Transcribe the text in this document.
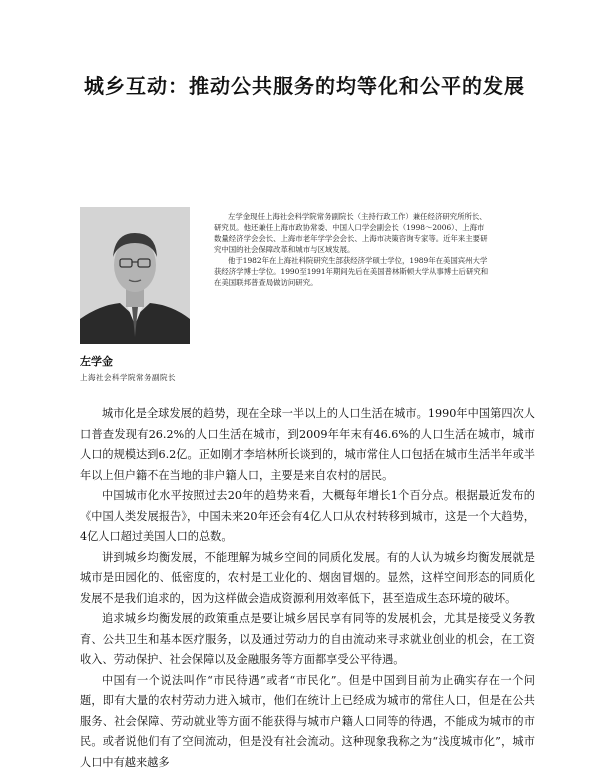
城乡互动：推动公共服务的均等化和公平的发展

左学金现任上海社会科学院常务副院长（主持行政工作）兼任经济研究所所长、研究员。他还兼任上海市政协常委、中国人口学会副会长（1998～2006）、上海市数量经济学会会长、上海市老年学学会会长、上海市决策咨询专家等。近年来主要研究中国的社会保障改革和城市与区域发展。

他于1982年在上海社科院研究生部获经济学硕士学位，1989年在美国宾州大学获经济学博士学位。1990至1991年期间先后在美国普林斯顿大学从事博士后研究和在美国联邦普查局做访问研究。

左学金
上海社会科学院常务副院长

城市化是全球发展的趋势，现在全球一半以上的人口生活在城市。1990年中国第四次人口普查发现有26.2%的人口生活在城市，到2009年年末有46.6%的人口生活在城市，城市人口的规模达到6.2亿。正如刚才李培林所长谈到的，城市常住人口包括在城市生活半年或半年以上但户籍不在当地的非户籍人口，主要是来自农村的居民。

中国城市化水平按照过去20年的趋势来看，大概每年增长1个百分点。根据最近发布的《中国人类发展报告》，中国未来20年还会有4亿人口从农村转移到城市，这是一个大趋势，4亿人口超过美国人口的总数。

讲到城乡均衡发展，不能理解为城乡空间的同质化发展。有的人认为城乡均衡发展就是城市是田园化的、低密度的，农村是工业化的、烟囱冒烟的。显然，这样空间形态的同质化发展不是我们追求的，因为这样做会造成资源利用效率低下，甚至造成生态环境的破坏。

追求城乡均衡发展的政策重点是要让城乡居民享有同等的发展机会，尤其是接受义务教育、公共卫生和基本医疗服务，以及通过劳动力的自由流动来寻求就业创业的机会，在工资收入、劳动保护、社会保障以及金融服务等方面都享受公平待遇。

中国有一个说法叫作“市民待遇”或者“市民化”。但是中国到目前为止确实存在一个问题，即有大量的农村劳动力进入城市，他们在统计上已经成为城市的常住人口，但是在公共服务、社会保障、劳动就业等方面不能获得与城市户籍人口同等的待遇，不能成为城市的市民。或者说他们有了空间流动，但是没有社会流动。这种现象我称之为“浅度城市化”，城市人口中有越来越多
